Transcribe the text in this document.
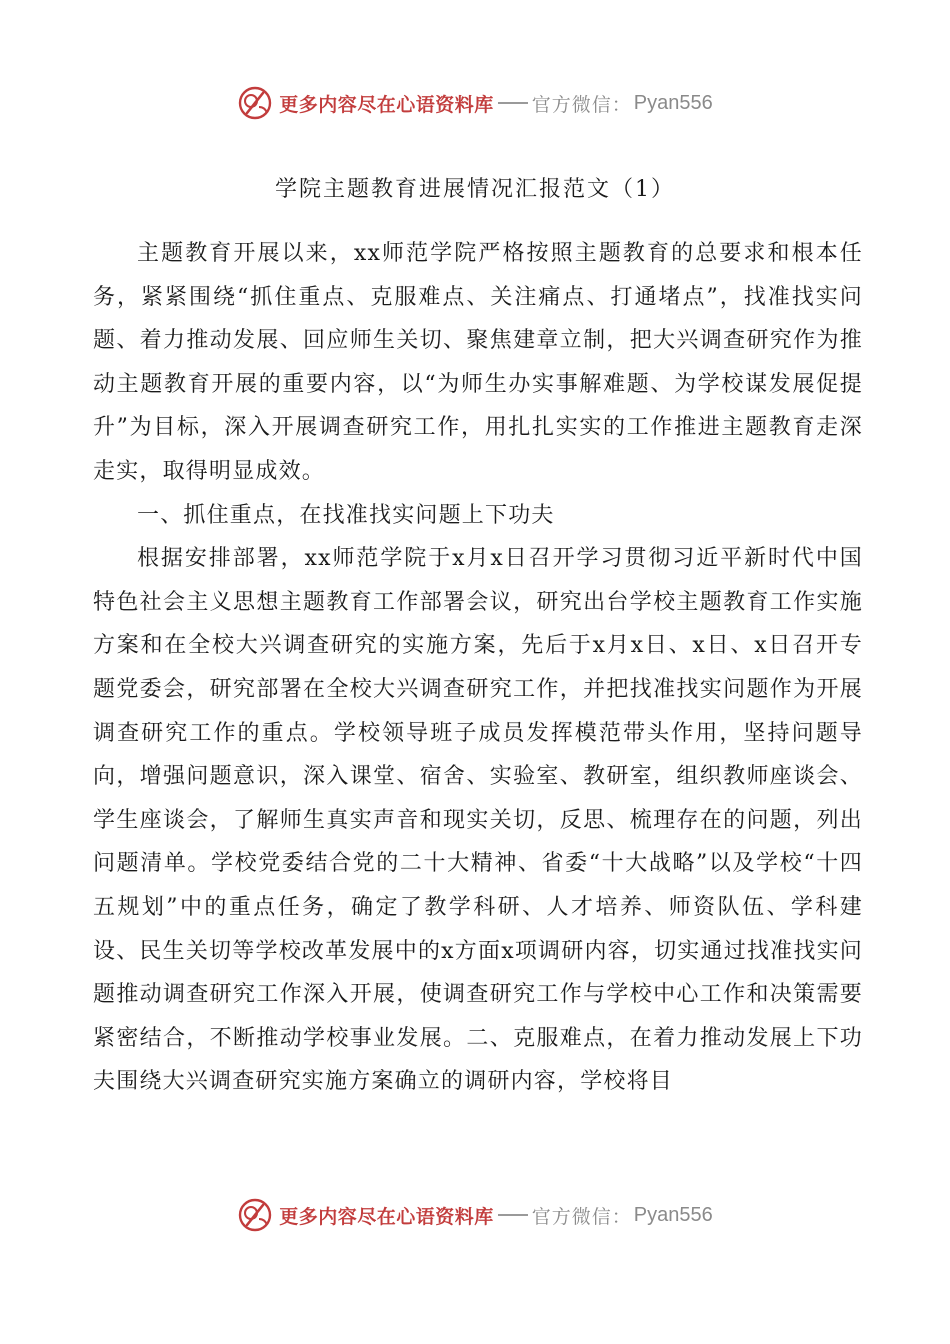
更多内容尽在心语资料库 官方微信： Pyan556
学院主题教育进展情况汇报范文（1）

主题教育开展以来，xx师范学院严格按照主题教育的总要求和根本任务，紧紧围绕“抓住重点、克服难点、关注痛点、打通堵点”，找准找实问题、着力推动发展、回应师生关切、聚焦建章立制，把大兴调查研究作为推动主题教育开展的重要内容，以“为师生办实事解难题、为学校谋发展促提升”为目标，深入开展调查研究工作，用扎扎实实的工作推进主题教育走深走实，取得明显成效。

一、抓住重点，在找准找实问题上下功夫

根据安排部署，xx师范学院于x月x日召开学习贯彻习近平新时代中国特色社会主义思想主题教育工作部署会议，研究出台学校主题教育工作实施方案和在全校大兴调查研究的实施方案，先后于x月x日、x日、x日召开专题党委会，研究部署在全校大兴调查研究工作，并把找准找实问题作为开展调查研究工作的重点。学校领导班子成员发挥模范带头作用，坚持问题导向，增强问题意识，深入课堂、宿舍、实验室、教研室，组织教师座谈会、学生座谈会，了解师生真实声音和现实关切，反思、梳理存在的问题，列出问题清单。学校党委结合党的二十大精神、省委“十大战略”以及学校“十四五规划”中的重点任务，确定了教学科研、人才培养、师资队伍、学科建设、民生关切等学校改革发展中的x方面x项调研内容，切实通过找准找实问题推动调查研究工作深入开展，使调查研究工作与学校中心工作和决策需要紧密结合，不断推动学校事业发展。二、克服难点，在着力推动发展上下功夫围绕大兴调查研究实施方案确立的调研内容，学校将目

更多内容尽在心语资料库 官方微信： Pyan556
